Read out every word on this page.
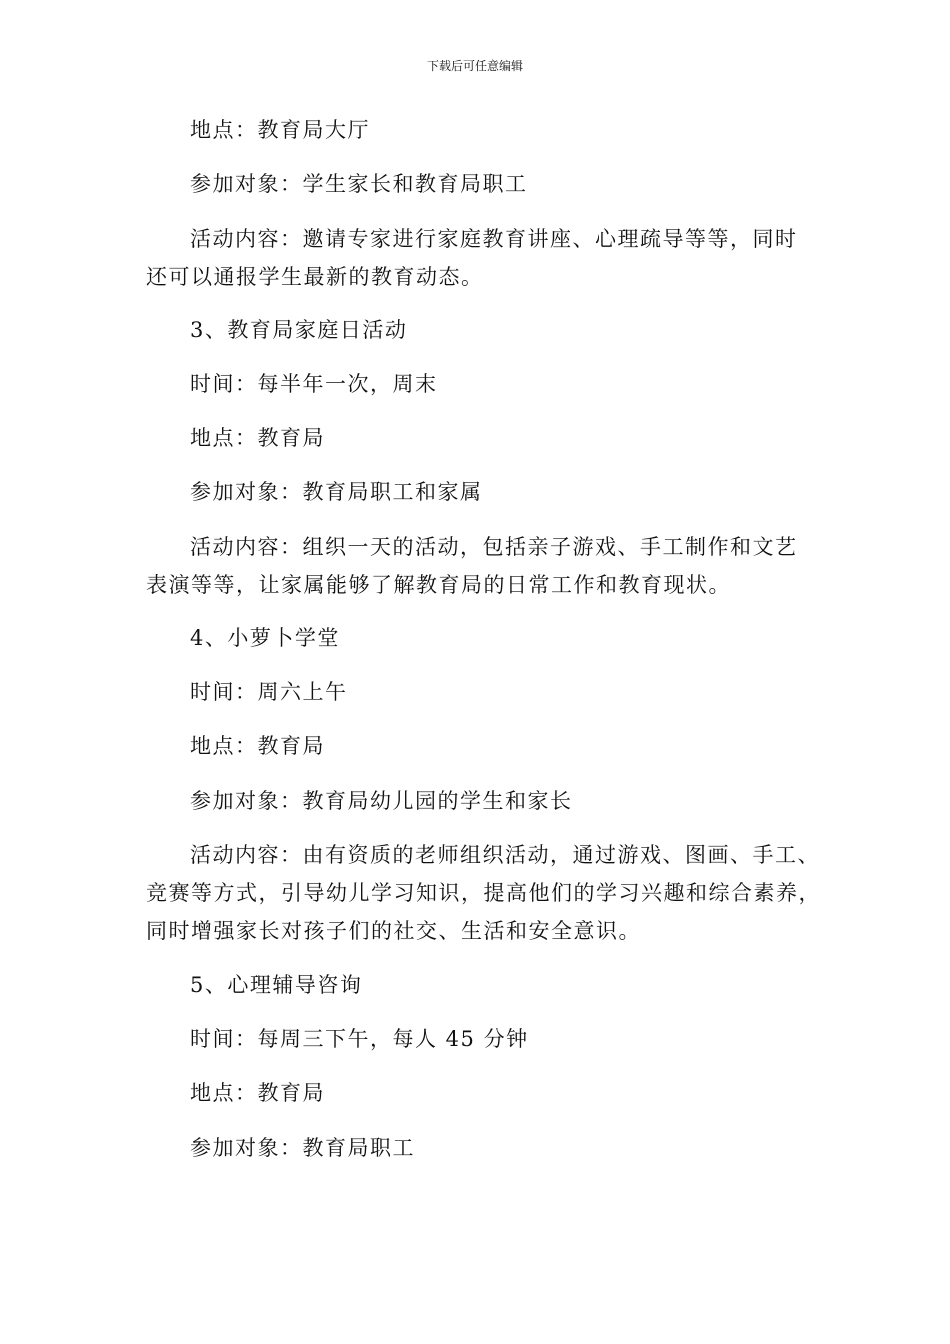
下载后可任意编辑
地点：教育局大厅
参加对象：学生家长和教育局职工
活动内容：邀请专家进行家庭教育讲座、心理疏导等等，同时
还可以通报学生最新的教育动态。
3、教育局家庭日活动
时间：每半年一次，周末
地点：教育局
参加对象：教育局职工和家属
活动内容：组织一天的活动，包括亲子游戏、手工制作和文艺
表演等等，让家属能够了解教育局的日常工作和教育现状。
4、小萝卜学堂
时间：周六上午
地点：教育局
参加对象：教育局幼儿园的学生和家长
活动内容：由有资质的老师组织活动，通过游戏、图画、手工、
竞赛等方式，引导幼儿学习知识，提高他们的学习兴趣和综合素养，
同时增强家长对孩子们的社交、生活和安全意识。
5、心理辅导咨询
时间：每周三下午，每人 45 分钟
地点：教育局
参加对象：教育局职工
